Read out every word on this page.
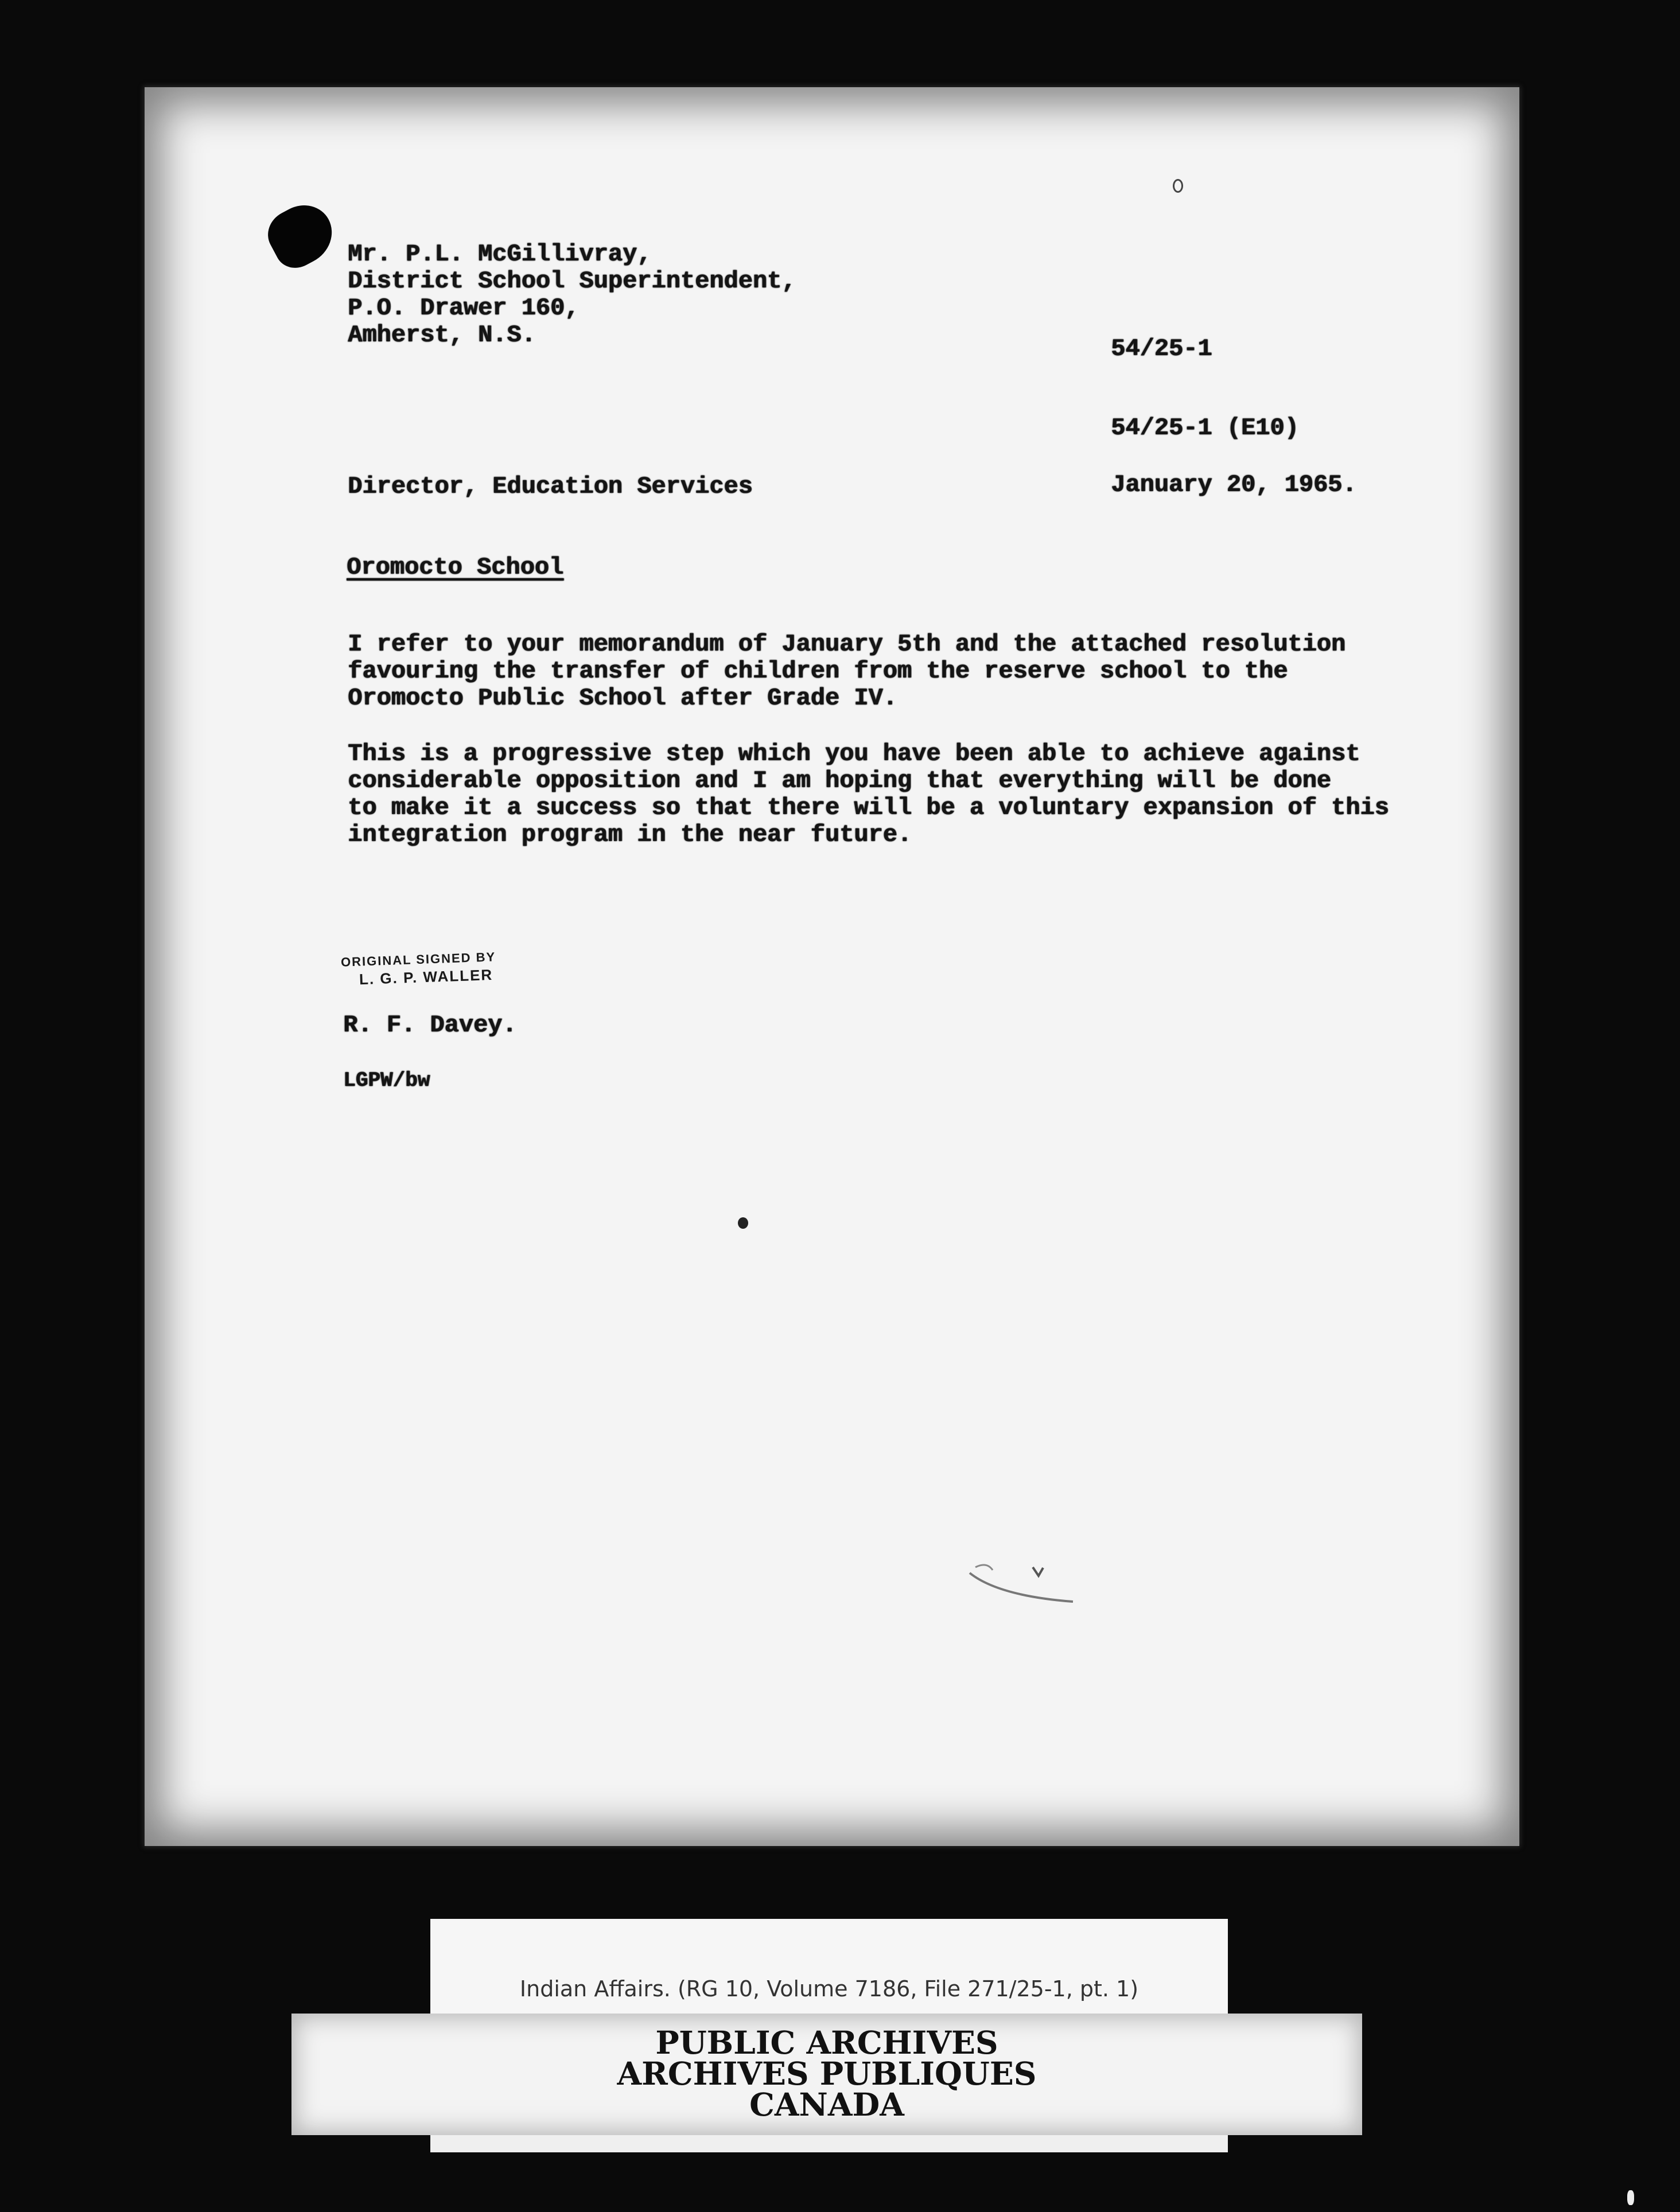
Mr. P.L. McGillivray,
District School Superintendent,
P.O. Drawer 160,
Amherst, N.S.	54/25-1
54/25-1 (E10)
Director, Education Services	January 20, 1965.
Oromocto School
I refer to your memorandum of January 5th and the attached resolution
favouring the transfer of children from the reserve school to the
Oromocto Public School after Grade IV.
This is a progressive step which you have been able to achieve against
considerable opposition and I am hoping that everything will be done
to make it a success so that there will be a voluntary expansion of this
integration program in the near future.
ORIGINAL SIGNED BY
L. G. P. WALLER
R. F. Davey.
LGPW/bw
Indian Affairs. (RG 10, Volume 7186, File 271/25-1, pt. 1)
PUBLIC ARCHIVES
ARCHIVES PUBLIQUES
CANADA
